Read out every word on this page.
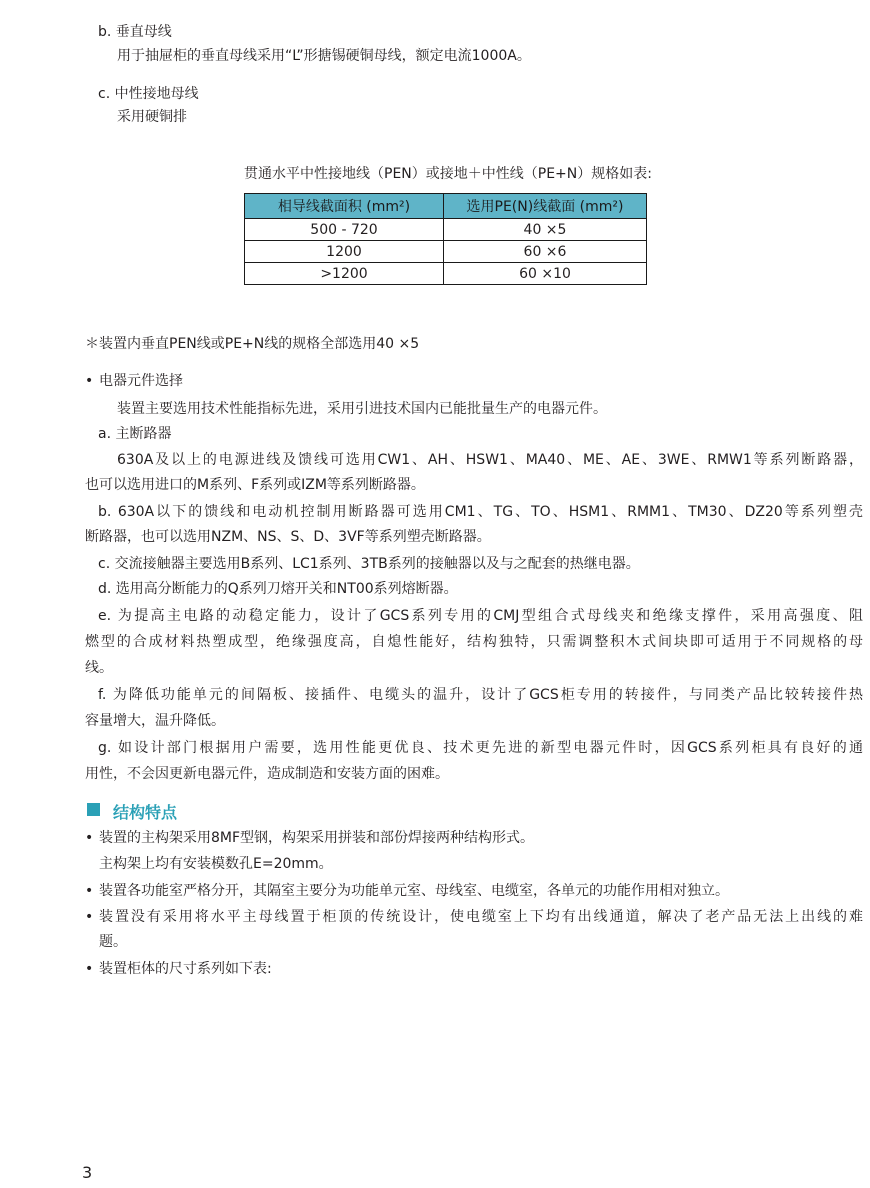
b. 垂直母线
用于抽屉柜的垂直母线采用“L”形搪锡硬铜母线，额定电流1000A。
c. 中性接地母线
采用硬铜排
贯通水平中性接地线（PEN）或接地＋中性线（PE+N）规格如表:
相导线截面积 (mm²)	选用PE(N)线截面 (mm²)
500 - 720	40 ×5
1200	60 ×6
>1200	60 ×10
＊装置内垂直PEN线或PE+N线的规格全部选用40 ×5
• 电器元件选择
装置主要选用技术性能指标先进，采用引进技术国内已能批量生产的电器元件。
a. 主断路器
630A及以上的电源进线及馈线可选用CW1、AH、HSW1、MA40、ME、AE、3WE、RMW1等系列断路器，
也可以选用进口的M系列、F系列或IZM等系列断路器。
b. 630A以下的馈线和电动机控制用断路器可选用CM1、TG、TO、HSM1、RMM1、TM30、DZ20等系列塑壳
断路器，也可以选用NZM、NS、S、D、3VF等系列塑壳断路器。
c. 交流接触器主要选用B系列、LC1系列、3TB系列的接触器以及与之配套的热继电器。
d. 选用高分断能力的Q系列刀熔开关和NT00系列熔断器。
e. 为提高主电路的动稳定能力，设计了GCS系列专用的CMJ型组合式母线夹和绝缘支撑件，采用高强度、阻
燃型的合成材料热塑成型，绝缘强度高，自熄性能好，结构独特，只需调整积木式间块即可适用于不同规格的母
线。
f. 为降低功能单元的间隔板、接插件、电缆头的温升，设计了GCS柜专用的转接件，与同类产品比较转接件热
容量增大，温升降低。
g. 如设计部门根据用户需要，选用性能更优良、技术更先进的新型电器元件时，因GCS系列柜具有良好的通
用性，不会因更新电器元件，造成制造和安装方面的困难。
结构特点
• 装置的主构架采用8MF型钢，构架采用拼装和部份焊接两种结构形式。
主构架上均有安装模数孔E=20mm。
• 装置各功能室严格分开，其隔室主要分为功能单元室、母线室、电缆室，各单元的功能作用相对独立。
• 装置没有采用将水平主母线置于柜顶的传统设计，使电缆室上下均有出线通道，解决了老产品无法上出线的难
题。
• 装置柜体的尺寸系列如下表:
3
